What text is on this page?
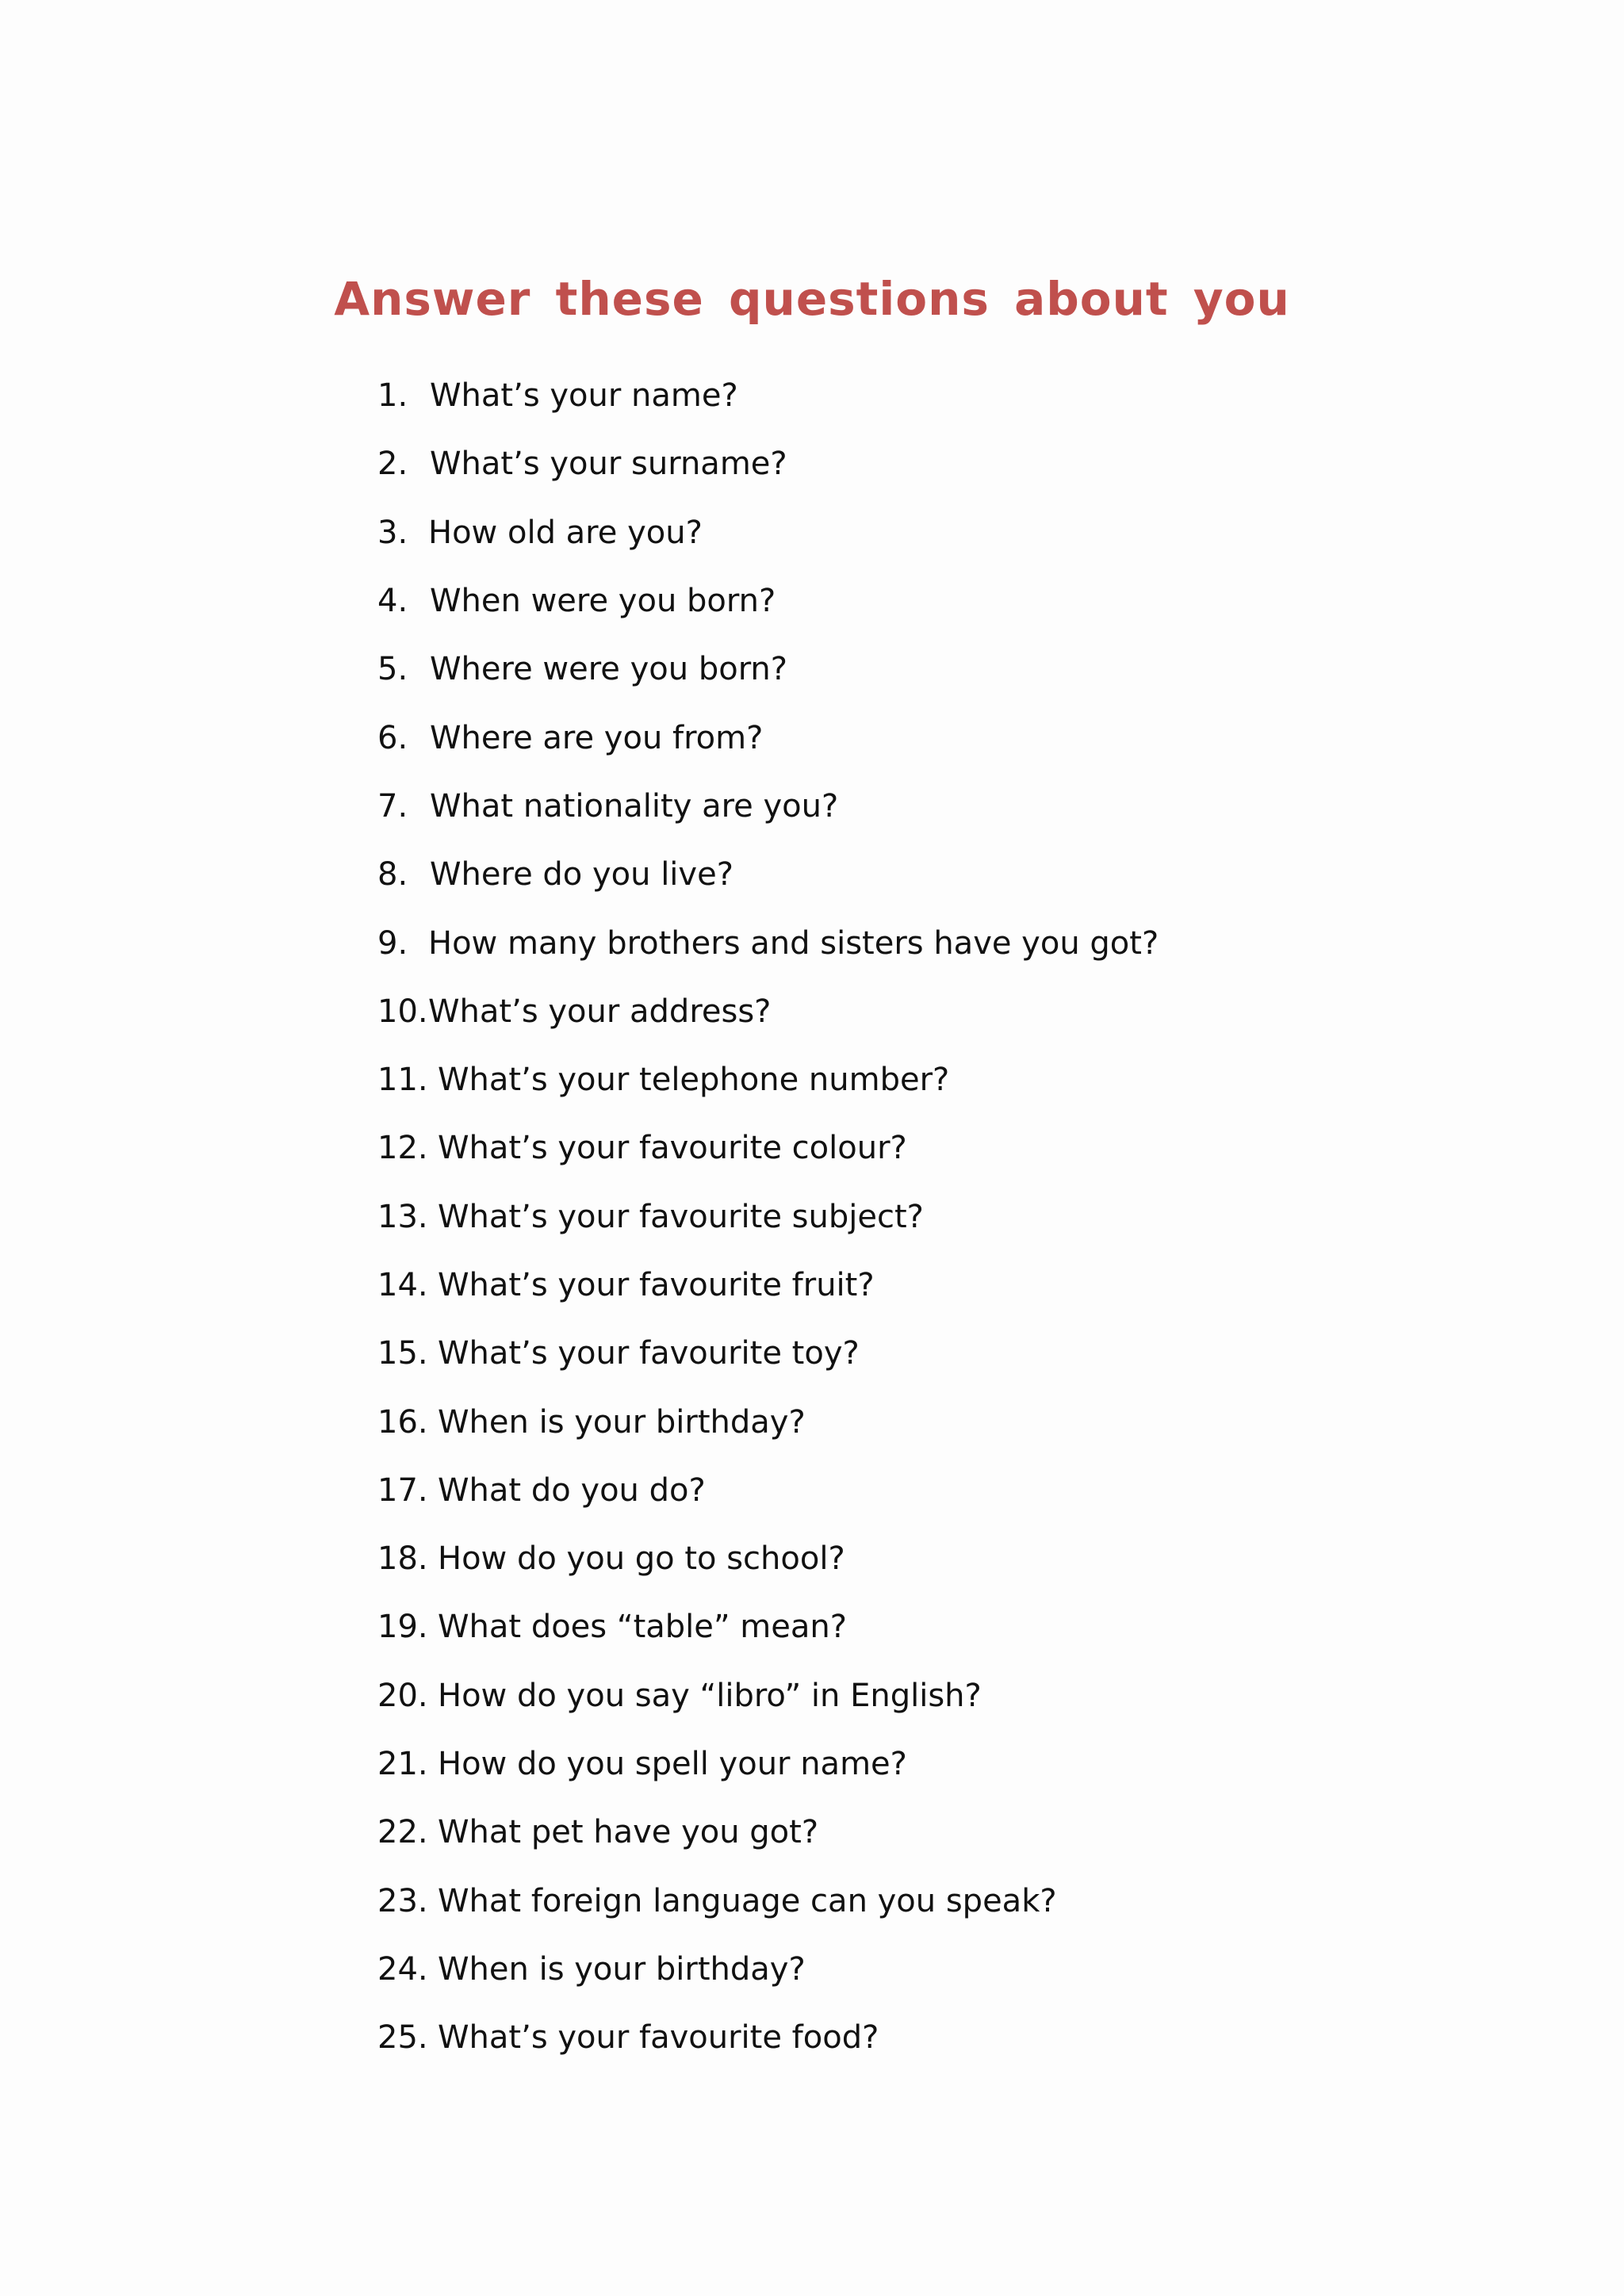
Answer these questions about you
1. What’s your name?
2. What’s your surname?
3. How old are you?
4. When were you born?
5. Where were you born?
6. Where are you from?
7. What nationality are you?
8. Where do you live?
9. How many brothers and sisters have you got?
10. What’s your address?
11. What’s your telephone number?
12. What’s your favourite colour?
13. What’s your favourite subject?
14. What’s your favourite fruit?
15. What’s your favourite toy?
16. When is your birthday?
17. What do you do?
18. How do you go to school?
19. What does “table” mean?
20. How do you say “libro” in English?
21. How do you spell your name?
22. What pet have you got?
23. What foreign language can you speak?
24. When is your birthday?
25. What’s your favourite food?
